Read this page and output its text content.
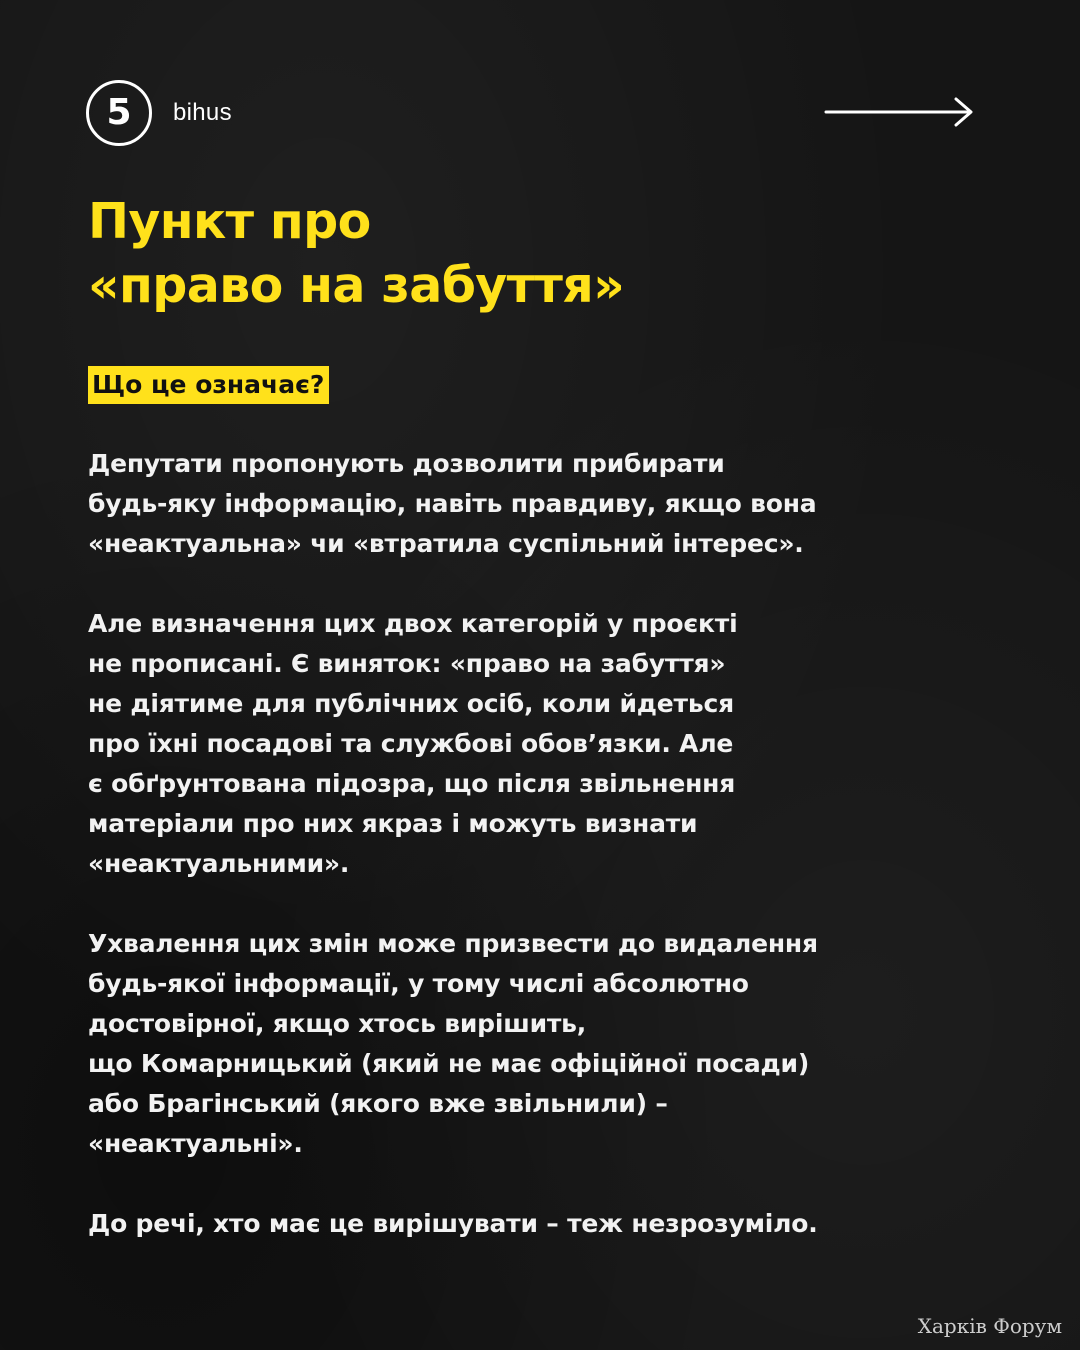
5	bihus
Пункт про
«право на забуття»
Що це означає?

Депутати пропонують дозволити прибирати
будь-яку інформацію, навіть правдиву, якщо вона
«неактуальна» чи «втратила суспільний інтерес».

Але визначення цих двох категорій у проєкті
не прописані. Є виняток: «право на забуття»
не діятиме для публічних осіб, коли йдеться
про їхні посадові та службові обов’язки. Але
є обґрунтована підозра, що після звільнення
матеріали про них якраз і можуть визнати
«неактуальними».

Ухвалення цих змін може призвести до видалення
будь-якої інформації, у тому числі абсолютно
достовірної, якщо хтось вирішить,
що Комарницький (який не має офіційної посади)
або Брагінський (якого вже звільнили) –
«неактуальні».

До речі, хто має це вирішувати – теж незрозуміло.

Харків Форум
